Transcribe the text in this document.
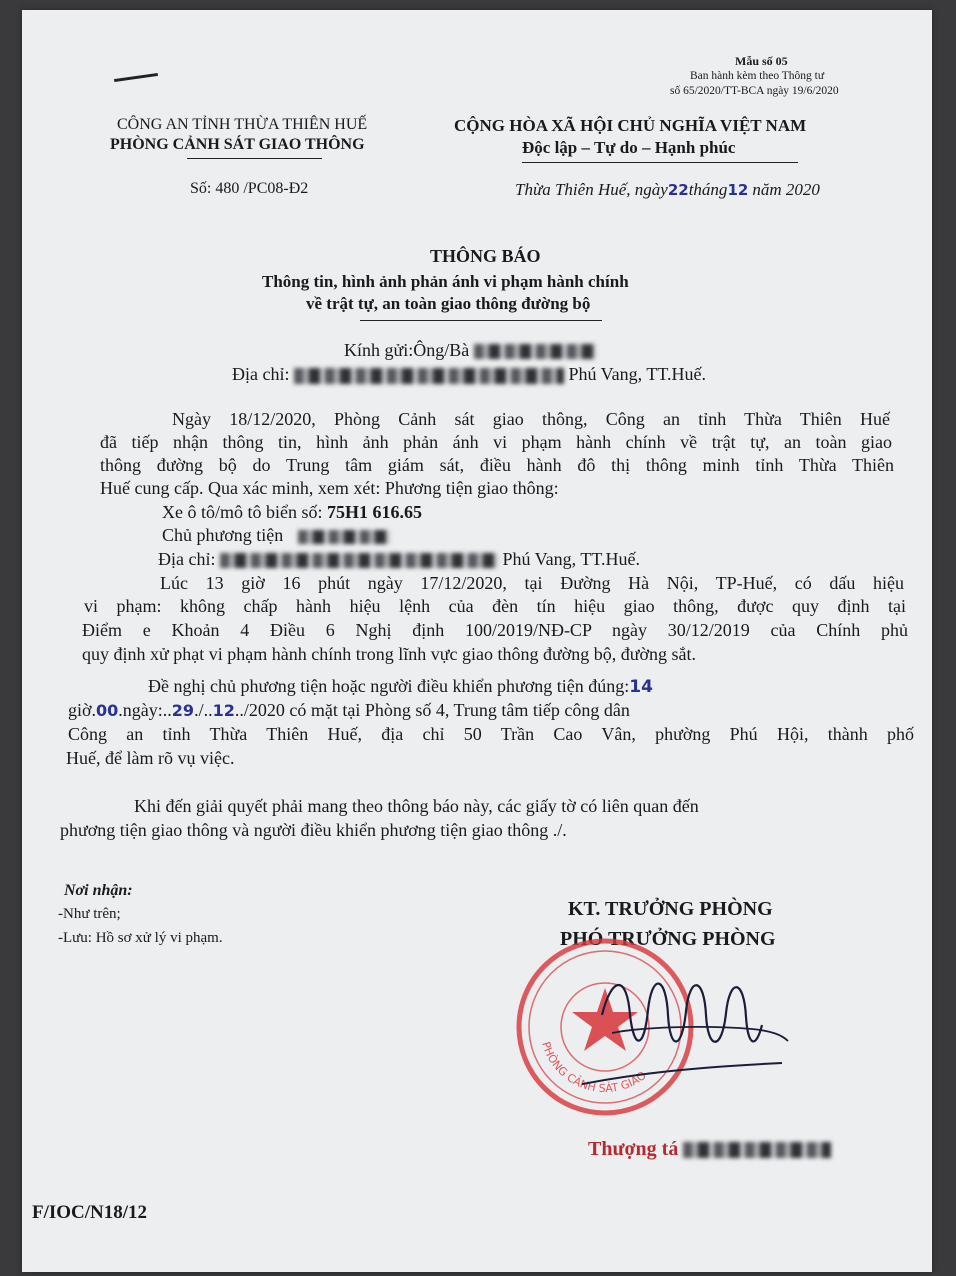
Mẫu số 05
Ban hành kèm theo Thông tư
số 65/2020/TT-BCA ngày 19/6/2020
CÔNG AN TỈNH THỪA THIÊN HUẾ
PHÒNG CẢNH SÁT GIAO THÔNG
Số: 480 /PC08-Đ2
CỘNG HÒA XÃ HỘI CHỦ NGHĨA VIỆT NAM
Độc lập – Tự do – Hạnh phúc
Thừa Thiên Huế, ngày22tháng12 năm 2020
THÔNG BÁO
Thông tin, hình ảnh phản ánh vi phạm hành chính
về trật tự, an toàn giao thông đường bộ
Kính gửi:Ông/Bà
Địa chỉ:	Phú Vang, TT.Huế.
Ngày 18/12/2020, Phòng Cảnh sát giao thông, Công an tỉnh Thừa Thiên Huế
đã tiếp nhận thông tin, hình ảnh phản ánh vi phạm hành chính về trật tự, an toàn giao
thông đường bộ do Trung tâm giám sát, điều hành đô thị thông minh tỉnh Thừa Thiên
Huế cung cấp. Qua xác minh, xem xét: Phương tiện giao thông:
Xe ô tô/mô tô biển số: 75H1 616.65
Chủ phương tiện
Địa chỉ:	Phú Vang, TT.Huế.
Lúc 13 giờ 16 phút ngày 17/12/2020, tại Đường Hà Nội, TP-Huế, có dấu hiệu
vi phạm: không chấp hành hiệu lệnh của đèn tín hiệu giao thông, được quy định tại
Điểm e Khoản 4 Điều 6 Nghị định 100/2019/NĐ-CP ngày 30/12/2019 của Chính phủ
quy định xử phạt vi phạm hành chính trong lĩnh vực giao thông đường bộ, đường sắt.
Đề nghị chủ phương tiện hoặc người điều khiển phương tiện đúng:14
giờ.00.ngày:..29./..12../2020 có mặt tại Phòng số 4, Trung tâm tiếp công dân
Công an tỉnh Thừa Thiên Huế, địa chỉ 50 Trần Cao Vân, phường Phú Hội, thành phố
Huế, để làm rõ vụ việc.
Khi đến giải quyết phải mang theo thông báo này, các giấy tờ có liên quan đến
phương tiện giao thông và người điều khiển phương tiện giao thông ./.
Nơi nhận:
-Như trên;
-Lưu: Hồ sơ xử lý vi phạm.
KT. TRƯỞNG PHÒNG
PHÓ TRƯỞNG PHÒNG
PHÒNG CẢNH SÁT GIAO
Thượng tá
F/IOC/N18/12
